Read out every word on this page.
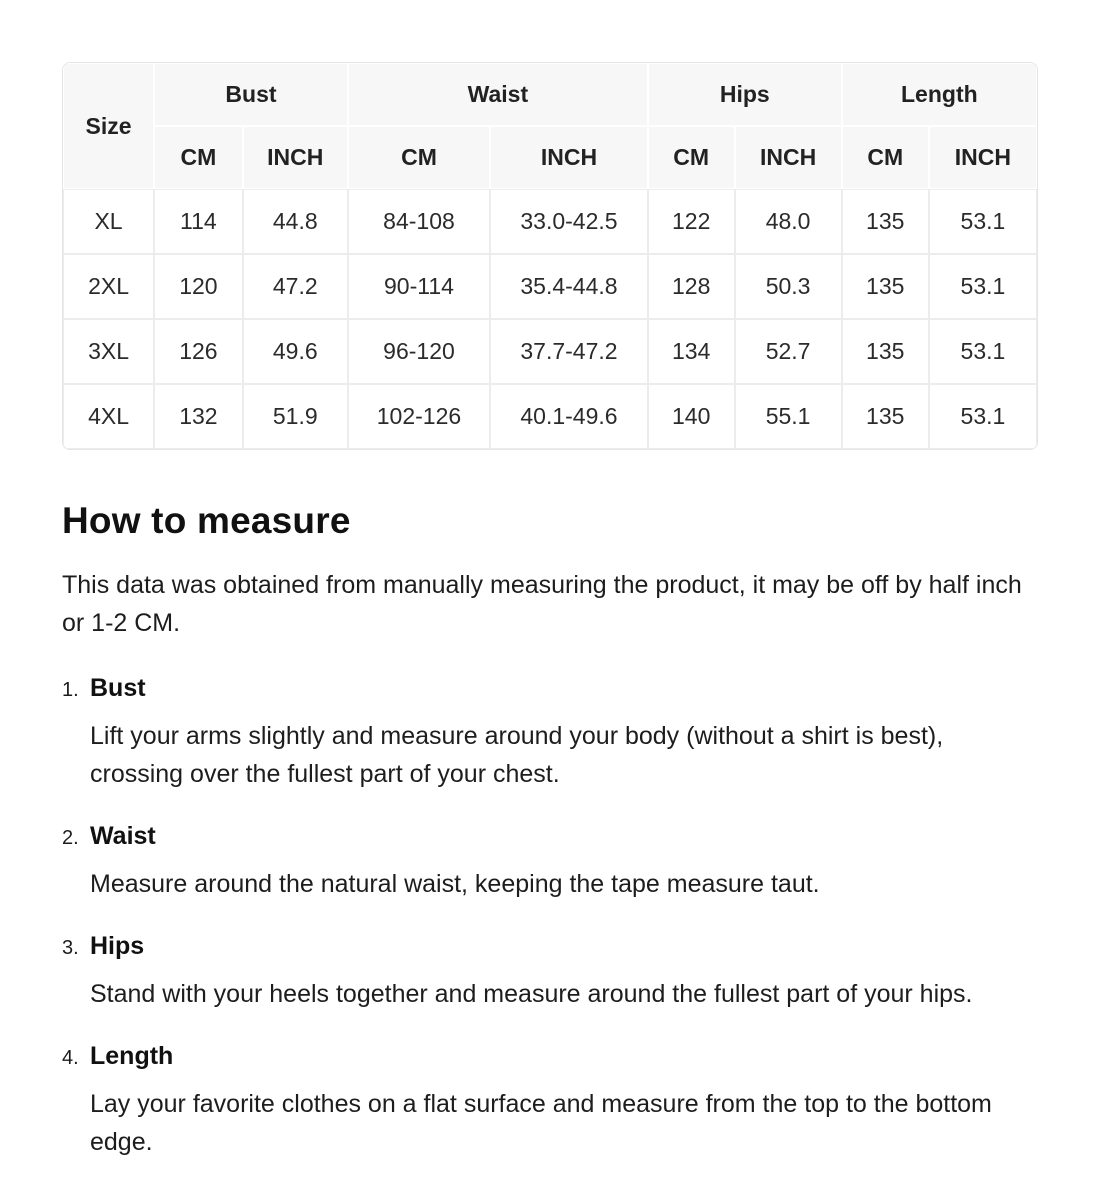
Size	Bust		Waist		Hips		Length	
	CM	INCH	CM	INCH	CM	INCH	CM	INCH
XL	114	44.8	84-108	33.0-42.5	122	48.0	135	53.1
2XL	120	47.2	90-114	35.4-44.8	128	50.3	135	53.1
3XL	126	49.6	96-120	37.7-47.2	134	52.7	135	53.1
4XL	132	51.9	102-126	40.1-49.6	140	55.1	135	53.1
How to measure

This data was obtained from manually measuring the product, it may be off by half inch or 1-2 CM.

1. Bust

Lift your arms slightly and measure around your body (without a shirt is best), crossing over the fullest part of your chest.

2. Waist

Measure around the natural waist, keeping the tape measure taut.

3. Hips

Stand with your heels together and measure around the fullest part of your hips.

4. Length

Lay your favorite clothes on a flat surface and measure from the top to the bottom edge.
